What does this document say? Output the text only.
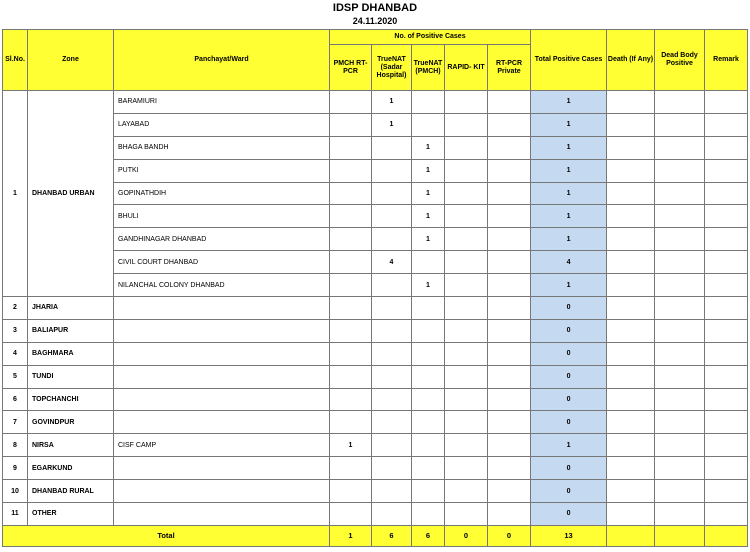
IDSP DHANBAD
24.11.2020
Sl.No.	Zone	Panchayat/Ward	No. of Positive Cases					Total Positive Cases	Death (If Any)	Dead Body Positive	Remark
			PMCH RT-PCR	TrueNAT (Sadar Hospital)	TrueNAT (PMCH)	RAPID- KIT	RT-PCR Private				
1	DHANBAD URBAN	BARAMIURI		1				1			
		LAYABAD		1				1			
		BHAGA BANDH			1			1			
		PUTKI			1			1			
		GOPINATHDIH			1			1			
		BHULI			1			1			
		GANDHINAGAR DHANBAD			1			1			
		CIVIL COURT DHANBAD		4				4			
		NILANCHAL COLONY DHANBAD			1			1			
2	JHARIA							0			
3	BALIAPUR							0			
4	BAGHMARA							0			
5	TUNDI							0			
6	TOPCHANCHI							0			
7	GOVINDPUR							0			
8	NIRSA	CISF CAMP	1					1			
9	EGARKUND							0			
10	DHANBAD RURAL							0			
11	OTHER							0			
Total			1	6	6	0	0	13			
